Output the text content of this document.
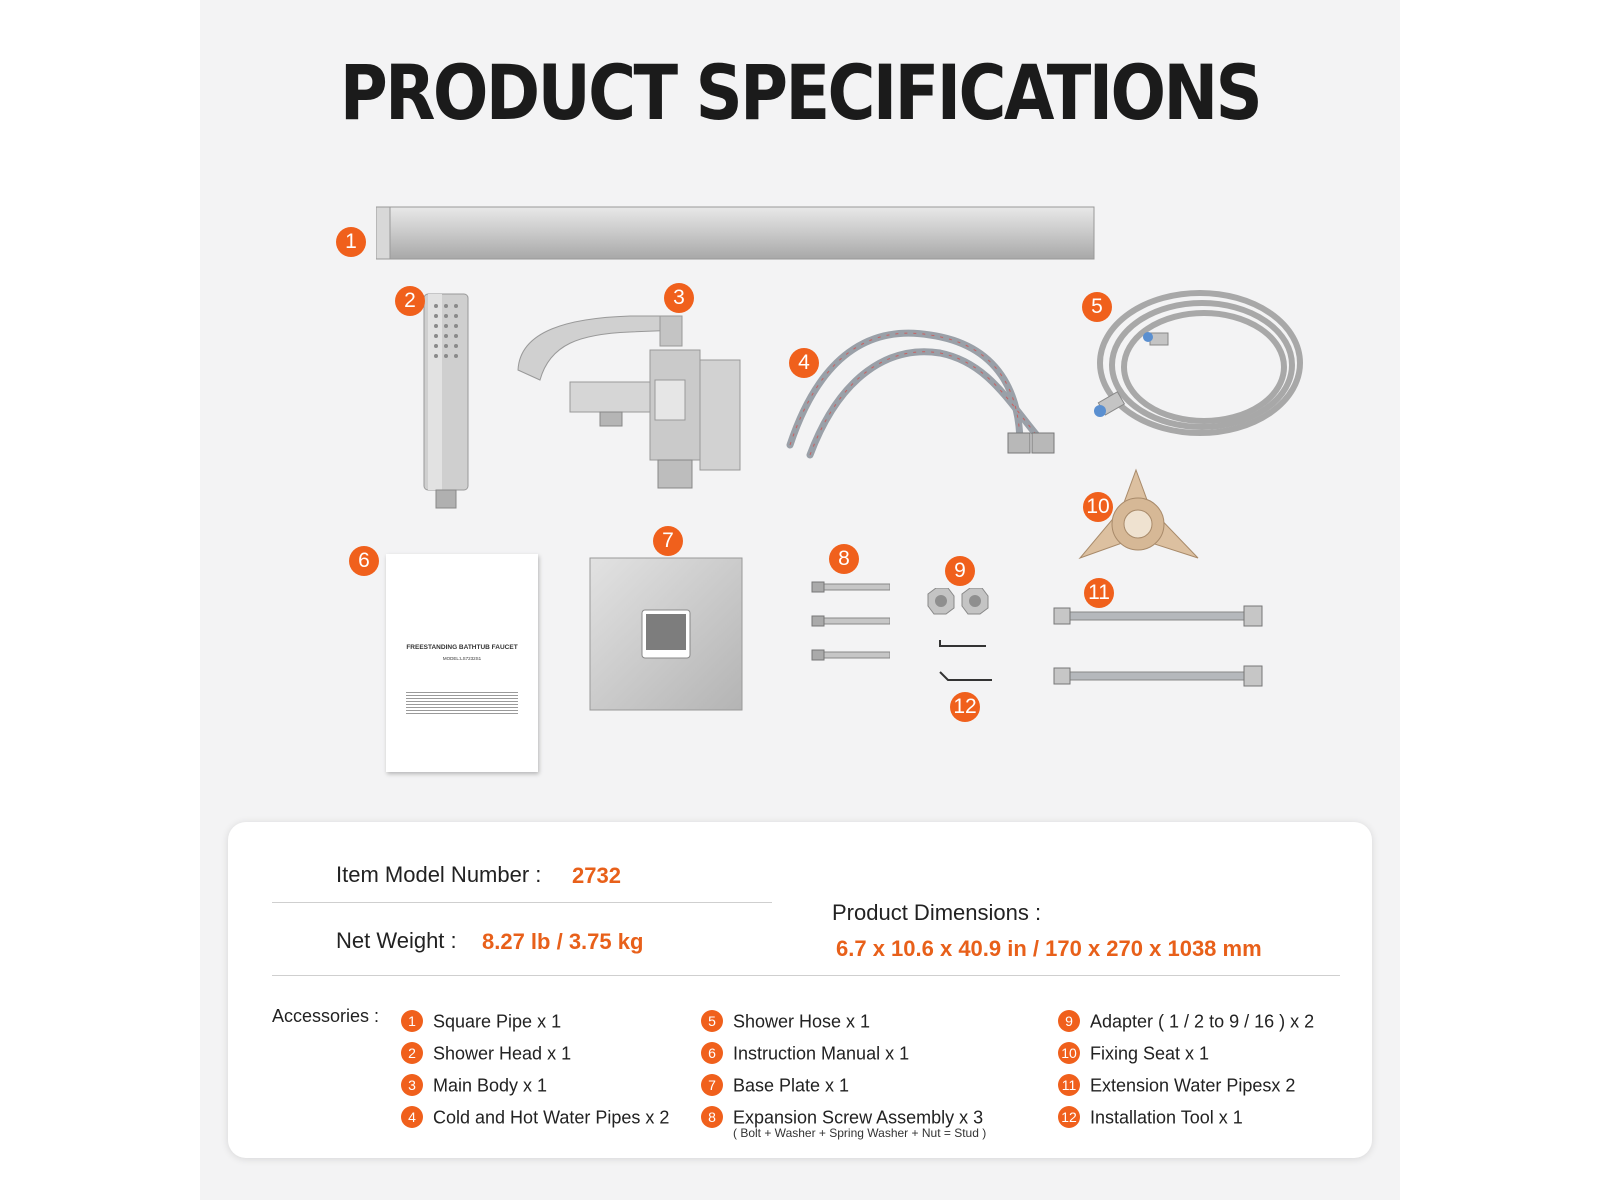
PRODUCT SPECIFICATIONS
1
2	3
4
5
FREESTANDING BATHTUB FAUCET
MODEL:LS7232S1
6
7
8
9
12
10
11
Item Model Number : 2732
Net Weight : 8.27 lb / 3.75 kg
Product Dimensions :
6.7 x 10.6 x 40.9 in / 170 x 270 x 1038 mm
Accessories :	1 Square Pipe x 1
2 Shower Head x 1
3 Main Body x 1
4 Cold and Hot Water Pipes x 2
5 Shower Hose x 1
6 Instruction Manual x 1
7 Base Plate x 1
8 Expansion Screw Assembly x 3
( Bolt + Washer + Spring Washer + Nut = Stud )
9 Adapter ( 1 / 2 to 9 / 16 ) x 2
10 Fixing Seat x 1
11 Extension Water Pipesx 2
12 Installation Tool x 1
